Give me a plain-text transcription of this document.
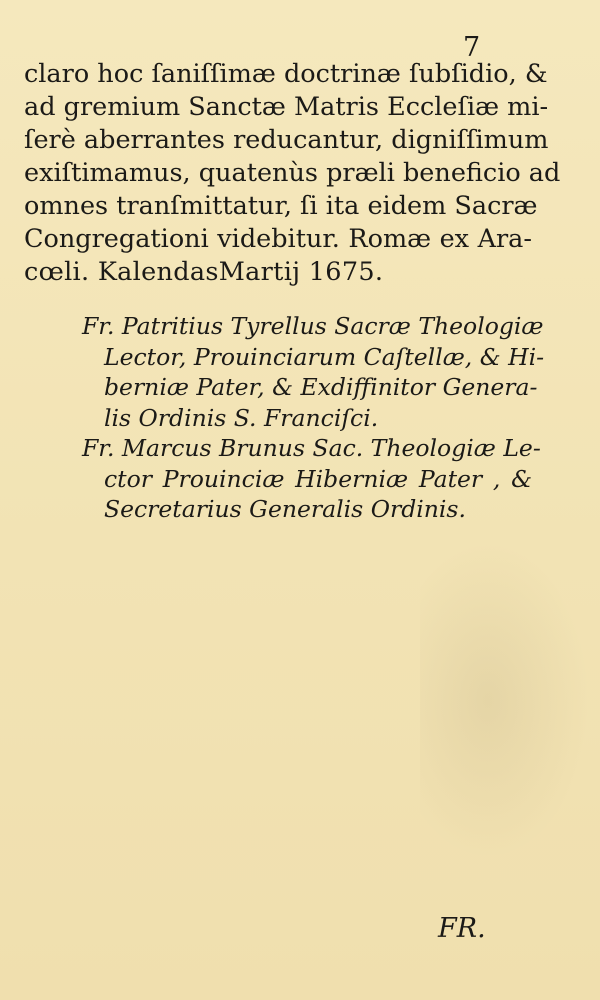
7
claro hoc ſaniſſimæ doctrinæ ſubſidio, &
ad gremium Sanctæ Matris Eccleſiæ mi-
ſerè aberrantes reducantur, digniſſimum
exiſtimamus, quatenùs præli beneficio ad
omnes tranſmittatur, ſi ita eidem Sacræ
Congregationi videbitur. Romæ ex Ara-
cœli. KalendasMartij 1675.
Fr. Patritius Tyrellus Sacræ Theologiæ
Lector, Prouinciarum Caſtellæ, & Hi-
berniæ Pater, & Exdiffinitor Genera-
lis Ordinis S. Franciſci.
Fr. Marcus Brunus Sac. Theologiæ Le-
ctor Prouinciæ Hiberniæ Pater , &
Secretarius Generalis Ordinis.
FR.
